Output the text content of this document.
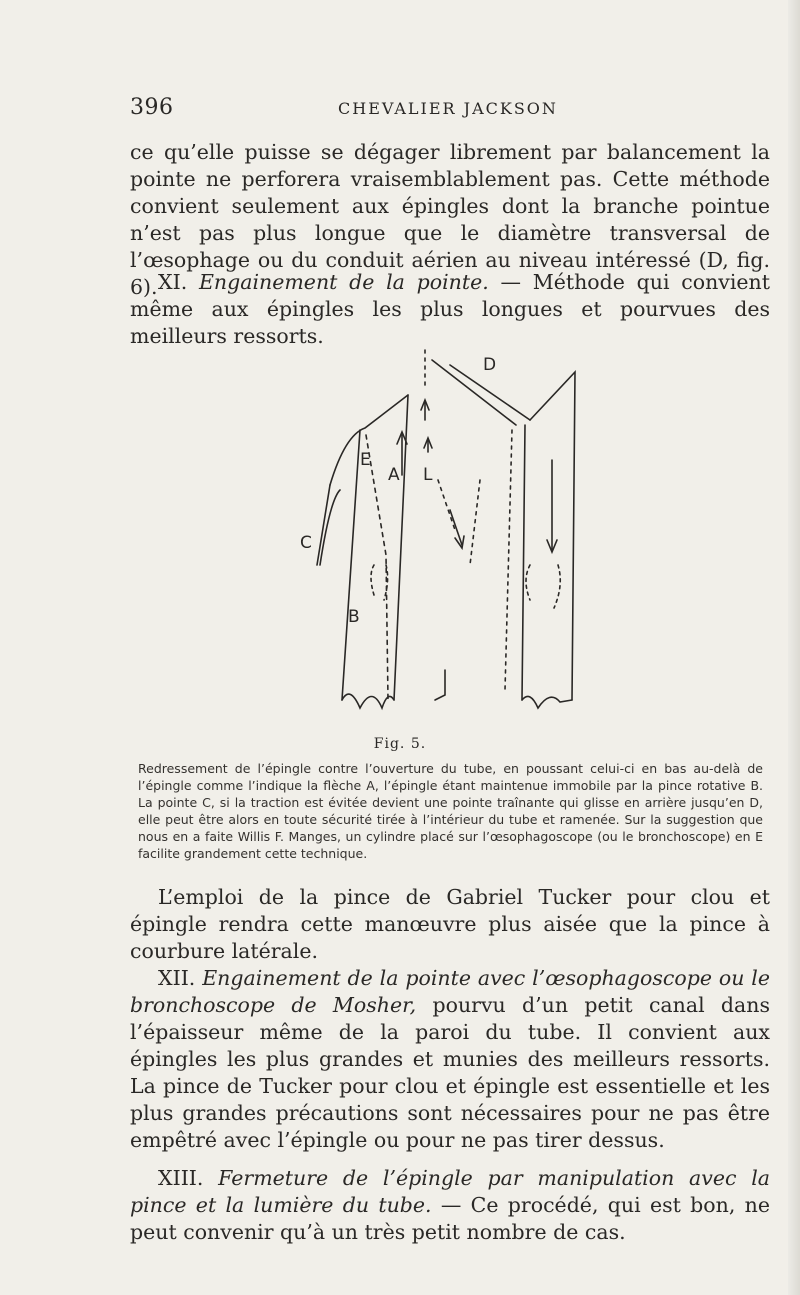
396	CHEVALIER JACKSON

ce qu’elle puisse se dégager librement par balancement la pointe ne perforera vraisemblablement pas. Cette méthode convient seulement aux épingles dont la branche pointue n’est pas plus longue que le diamètre transversal de l’œsophage ou du conduit aérien au niveau intéressé (D, fig. 6). XI. Engainement de la pointe. — Méthode qui convient même aux épingles les plus longues et pourvues des meilleurs ressorts.

E
A
C
B
L
D
Fig. 5.

Redressement de l’épingle contre l’ouverture du tube, en poussant celui-ci en bas au-delà de l’épingle comme l’indique la flèche A, l’épingle étant maintenue immobile par la pince rotative B. La pointe C, si la traction est évitée devient une pointe traînante qui glisse en arrière jusqu’en D, elle peut être alors en toute sécurité tirée à l’intérieur du tube et ramenée. Sur la suggestion que nous en a faite Willis F. Manges, un cylindre placé sur l’œsophagoscope (ou le bronchoscope) en E facilite grandement cette technique.

L’emploi de la pince de Gabriel Tucker pour clou et épingle rendra cette manœuvre plus aisée que la pince à courbure latérale.

XII. Engainement de la pointe avec l’œsophagoscope ou le bronchoscope de Mosher, pourvu d’un petit canal dans l’épaisseur même de la paroi du tube. Il convient aux épingles les plus grandes et munies des meilleurs ressorts. La pince de Tucker pour clou et épingle est essentielle et les plus grandes précautions sont nécessaires pour ne pas être empêtré avec l’épingle ou pour ne pas tirer dessus.

XIII. Fermeture de l’épingle par manipulation avec la pince et la lumière du tube. — Ce procédé, qui est bon, ne peut convenir qu’à un très petit nombre de cas.
